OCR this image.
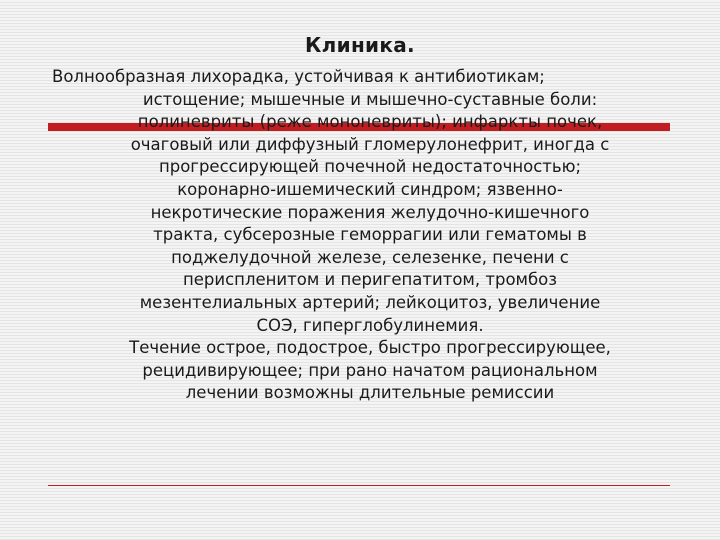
Клиника.

Волнообразная лихорадка, устойчивая к антибиотикам;
истощение; мышечные и мышечно-суставные боли:
полиневриты (реже мононевриты); инфаркты почек,
очаговый или диффузный гломерулонефрит, иногда с
прогрессирующей почечной недостаточностью;
коронарно-ишемический синдром; язвенно-
некротические поражения желудочно-кишечного
тракта, субсерозные геморрагии или гематомы в
поджелудочной железе, селезенке, печени с
периспленитом и перигепатитом, тромбоз
мезентелиальных артерий; лейкоцитоз, увеличение
СОЭ, гиперглобулинемия.

Течение острое, подострое, быстро прогрессирующее,
рецидивирующее; при рано начатом рациональном
лечении возможны длительные ремиссии
